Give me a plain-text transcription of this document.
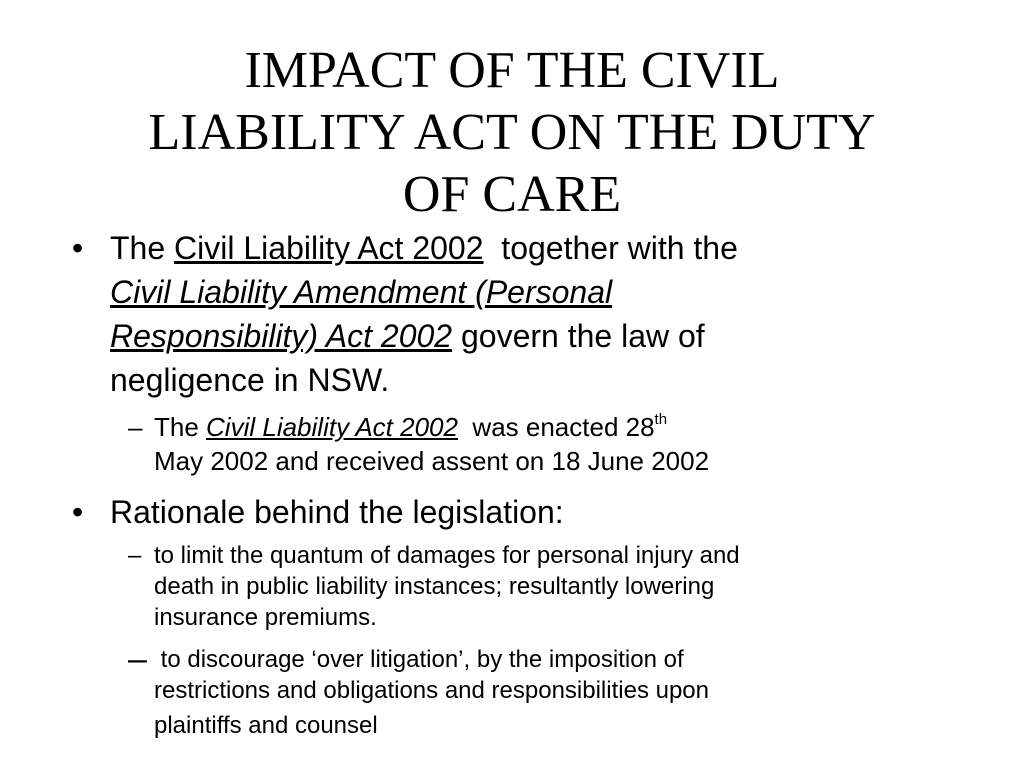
IMPACT OF THE CIVIL
LIABILITY ACT ON THE DUTY
OF CARE
• The Civil Liability Act 2002  together with the
Civil Liability Amendment (Personal
Responsibility) Act 2002 govern the law of
negligence in NSW.
– The Civil Liability Act 2002  was enacted 28th
May 2002 and received assent on 18 June 2002
• Rationale behind the legislation:
– to limit the quantum of damages for personal injury and
death in public liability instances; resultantly lowering
insurance premiums.
– to discourage ‘over litigation’, by the imposition of
restrictions and obligations and responsibilities upon
plaintiffs and counsel
